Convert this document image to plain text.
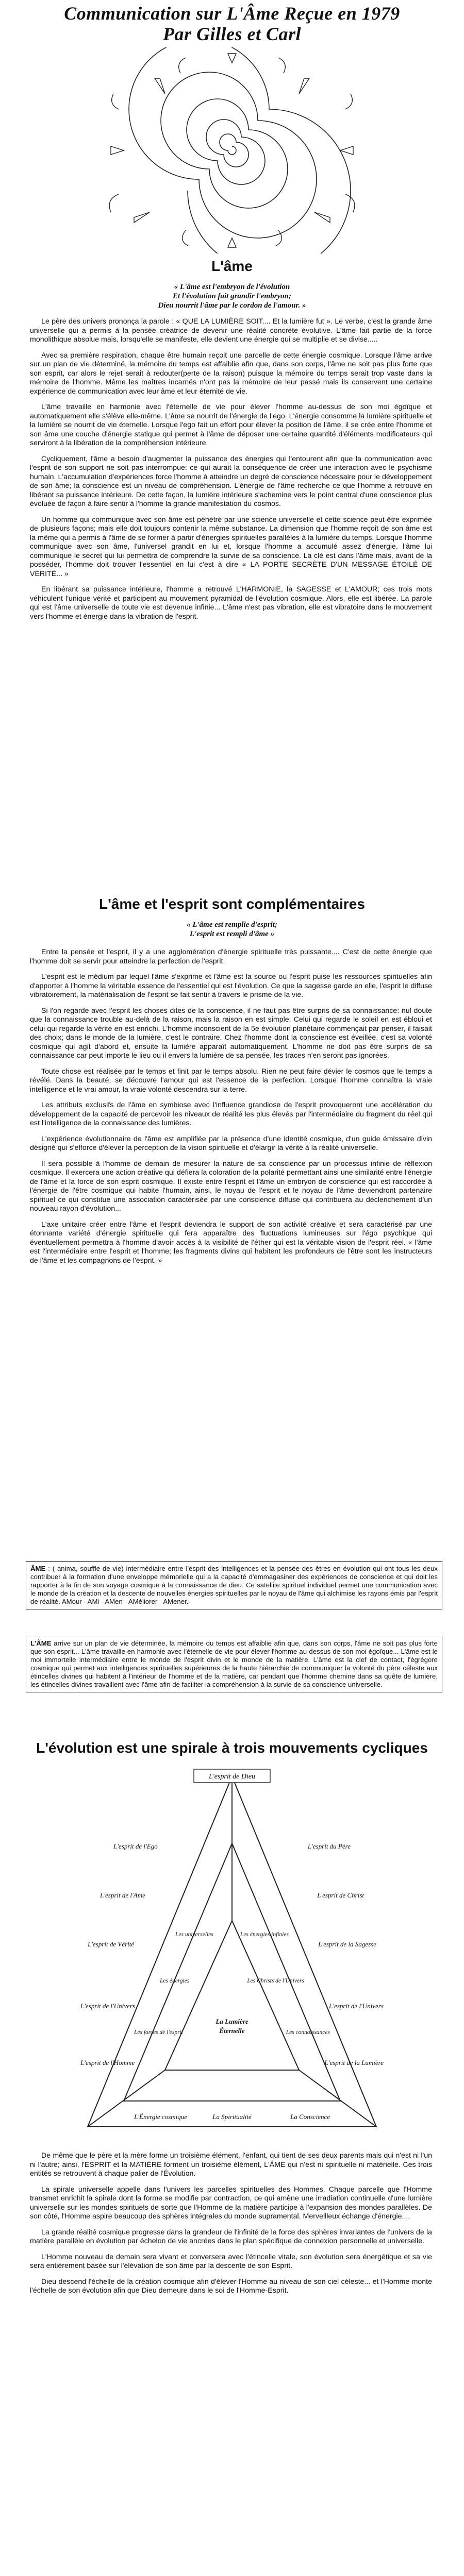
Communication sur L'Âme Reçue en 1979
Par Gilles et Carl
L'âme
« L'âme est l'embryon de l'évolution
Et l'évolution fait grandir l'embryon;
Dieu nourrit l'âme par le cordon de l'amour. »

Le père des univers prononça la parole : « QUE LA LUMIÈRE SOIT.... Et la lumière fut ». Le verbe, c'est la grande âme universelle qui a permis à la pensée créatrice de devenir une réalité concrète évolutive. L'âme fait partie de la force monolithique absolue mais, lorsqu'elle se manifeste, elle devient une énergie qui se multiplie et se divise.....

Avec sa première respiration, chaque être humain reçoit une parcelle de cette énergie cosmique. Lorsque l'âme arrive sur un plan de vie déterminé, la mémoire du temps est affaiblie afin que, dans son corps, l'âme ne soit pas plus forte que son esprit, car alors le rejet serait à redouter(perte de la raison) puisque la mémoire du temps serait trop vaste dans la mémoire de l'homme. Même les maîtres incarnés n'ont pas la mémoire de leur passé mais ils conservent une certaine expérience de communication avec leur âme et leur éternité de vie.

L'âme travaille en harmonie avec l'éternelle de vie pour élever l'homme au-dessus de son moi égoïque et automatiquement elle s'élève elle-même. L'âme se nourrit de l'énergie de l'ego. L'énergie consomme la lumière spirituelle et la lumière se nourrit de vie éternelle. Lorsque l'ego fait un effort pour élever la position de l'âme, il se crée entre l'homme et son âme une couche d'énergie statique qui permet à l'âme de déposer une certaine quantité d'éléments modificateurs qui serviront à la libération de la compréhension intérieure.

Cycliquement, l'âme a besoin d'augmenter la puissance des énergies qui l'entourent afin que la communication avec l'esprit de son support ne soit pas interrompue: ce qui aurait la conséquence de créer une interaction avec le psychisme humain. L'accumulation d'expériences force l'homme à atteindre un degré de conscience nécessaire pour le développement de son âme; la conscience est un niveau de compréhension. L'énergie de l'âme recherche ce que l'homme a retrouvé en libérant sa puissance intérieure. De cette façon, la lumière intérieure s'achemine vers le point central d'une conscience plus évoluée de façon à faire sentir à l'homme la grande manifestation du cosmos.

Un homme qui communique avec son âme est pénétré par une science universelle et cette science peut-être exprimée de plusieurs façons; mais elle doit toujours contenir la même substance. La dimension que l'homme reçoit de son âme est la même qui a permis à l'âme de se former à partir d'énergies spirituelles parallèles à la lumière du temps. Lorsque l'homme communique avec son âme, l'universel grandit en lui et, lorsque l'homme a accumulé assez d'énergie, l'âme lui communique le secret qui lui permettra de comprendre la survie de sa conscience. La clé est dans l'âme mais, avant de la posséder, l'homme doit trouver l'essentiel en lui c'est à dire « LA PORTE SECRÈTE D'UN MESSAGE ÉTOILÉ DE VÉRITÉ... »

En libérant sa puissance intérieure, l'homme a retrouvé L'HARMONIE, la SAGESSE et L'AMOUR; ces trois mots véhiculent l'unique vérité et participent au mouvement pyramidal de l'évolution cosmique. Alors, elle est libérée. La parole qui est l'âme universelle de toute vie est devenue infinie... L'âme n'est pas vibration, elle est vibratoire dans le mouvement vers l'homme et énergie dans la vibration de l'esprit.

L'âme et l'esprit sont complémentaires
« L'âme est remplie d'esprit;
L'esprit est rempli d'âme »

Entre la pensée et l'esprit, il y a une agglomération d'énergie spirituelle très puissante.... C'est de cette énergie que l'homme doit se servir pour atteindre la perfection de l'esprit.

L'esprit est le médium par lequel l'âme s'exprime et l'âme est la source ou l'esprit puise les ressources spirituelles afin d'apporter à l'homme la véritable essence de l'essentiel qui est l'évolution. Ce que la sagesse garde en elle, l'esprit le diffuse vibratoirement, la matérialisation de l'esprit se fait sentir à travers le prisme de la vie.

Si l'on regarde avec l'esprit les choses dites de la conscience, il ne faut pas être surpris de sa connaissance: nul doute que la connaissance trouble au-delà de la raison, mais la raison en est simple. Celui qui regarde le soleil en est ébloui et celui qui regarde la vérité en est enrichi. L'homme inconscient de la 5e évolution planétaire commençait par penser, il faisait des choix; dans le monde de la lumière, c'est le contraire. Chez l'homme dont la conscience est éveillée, c'est sa volonté cosmique qui agit d'abord et, ensuite la lumière apparaît automatiquement. L'homme ne doit pas être surpris de sa connaissance car peut importe le lieu ou il envers la lumière de sa pensée, les traces n'en seront pas ignorées.

Toute chose est réalisée par le temps et finit par le temps absolu. Rien ne peut faire dévier le cosmos que le temps a révélé. Dans la beauté, se découvre l'amour qui est l'essence de la perfection. Lorsque l'homme connaîtra la vraie intelligence et le vrai amour, la vraie volonté descendra sur la terre.

Les attributs exclusifs de l'âme en symbiose avec l'influence grandiose de l'esprit provoqueront une accélération du développement de la capacité de percevoir les niveaux de réalité les plus élevés par l'intermédiaire du fragment du réel qui est l'intelligence de la connaissance des lumières.

L'expérience évolutionnaire de l'âme est amplifiée par la présence d'une identité cosmique, d'un guide émissaire divin désigné qui s'efforce d'élever la perception de la vision spirituelle et d'élargir la vérité à la réalité universelle.

Il sera possible à l'homme de demain de mesurer la nature de sa conscience par un processus infinie de réflexion cosmique. Il exercera une action créative qui défiera la coloration de la polarité permettant ainsi une similarité entre l'énergie de l'âme et la force de son esprit cosmique. Il existe entre l'esprit et l'âme un embryon de conscience qui est raccordée à l'énergie de l'être cosmique qui habite l'humain, ainsi, le noyau de l'esprit et le noyau de l'âme deviendront partenaire spirituel ce qui constitue une association caractérisée par une conscience diffuse qui contribuera au déclenchement d'un nouveau rayon d'évolution...

L'axe unitaire créer entre l'âme et l'esprit deviendra le support de son activité créative et sera caractérisé par une étonnante variété d'énergie spirituelle qui fera apparaître des fluctuations lumineuses sur l'égo psychique qui éventuellement permettra à l'homme d'avoir accès à la visibilité de l'éther qui est la véritable vision de l'esprit réel. « l'âme est l'intermédiaire entre l'esprit et l'homme; les fragments divins qui habitent les profondeurs de l'être sont les instructeurs de l'âme et les compagnons de l'esprit. »

ÂME : ( anima, souffle de vie) intermédiaire entre l'esprit des intelligences et la pensée des êtres en évolution qui ont tous les deux contribuer à la formation d'une enveloppe mémorielle qui a la capacité d'emmagasiner des expériences de conscience et qui doit les rapporter à la fin de son voyage cosmique à la connaissance de dieu. Ce satellite spirituel individuel permet une communication avec le monde de la création et la descente de nouvelles énergies spirituelles par le noyau de l'âme qui alchimise les rayons émis par l'esprit de réalité. AMour - AMi - AMen - AMéliorer - AMener.

L'ÂME arrive sur un plan de vie déterminée, la mémoire du temps est affaiblie afin que, dans son corps, l'âme ne soit pas plus forte que son esprit... L'âme travaille en harmonie avec l'éternelle de vie pour élever l'homme au-dessus de son moi égoïque... L'âme est le moi immortelle intermédiaire entre le monde de l'esprit divin et le monde de la matière. L'âme est la clef de contact, l'égrégore cosmique qui permet aux intelligences spirituelles supérieures de la haute hiérarchie de communiquer la volonté du père céleste aux étincelles divines qui habitent à l'intérieur de l'homme et de la matière, car pendant que l'homme chemine dans sa quête de lumière, les étincelles divines travaillent avec l'âme afin de faciliter la compréhension à la survie de sa conscience universelle.

L'évolution est une spirale à trois mouvements cycliques
L'esprit de Dieu
L'esprit de l'Ego
L'esprit de l'Ame
L'esprit de Vérité
L'esprit de l'Univers
L'esprit de l'Homme
L'esprit du Père
L'esprit de Christ
L'esprit de la Sagesse
L'esprit de l'Univers
L'esprit de la Lumière
Les universelles
Les énergies
Les forces de l'esprit
Les énergies infinies
Les Christs de l'Univers
Les connaissances
L'Énergie cosmique	La Spiritualité	La Conscience
La Lumière
Éternelle

De même que le père et la mère forme un troisième élément, l'enfant, qui tient de ses deux parents mais qui n'est ni l'un ni l'autre; ainsi, l'ESPRIT et la MATIÈRE forment un troisième élément, L'ÂME qui n'est ni spirituelle ni matérielle. Ces trois entités se retrouvent à chaque palier de l'Évolution.

La spirale universelle appelle dans l'univers les parcelles spirituelles des Hommes. Chaque parcelle que l'Homme transmet enrichit la spirale dont la forme se modifie par contraction, ce qui amène une irradiation continuelle d'une lumière universelle sur les mondes spirituels de sorte que l'Homme de la matière participe à l'expansion des mondes parallèles. De son côté, l'Homme aspire beaucoup des sphères intégrales du monde supramental. Merveilleux échange d'énergie....

La grande réalité cosmique progresse dans la grandeur de l'infinité de la force des sphères invariantes de l'univers de la matière parallèle en évolution par échelon de vie ancrées dans le plan spécifique de connexion personnelle et universelle.

L'Homme nouveau de demain sera vivant et conversera avec l'étincelle vitale, son évolution sera énergétique et sa vie sera entièrement basée sur l'élévation de son âme par la descente de son Esprit.

Dieu descend l'échelle de la création cosmique afin d'élever l'Homme au niveau de son ciel céleste... et l'Homme monte l'échelle de son évolution afin que Dieu demeure dans le soi de l'Homme-Esprit.
